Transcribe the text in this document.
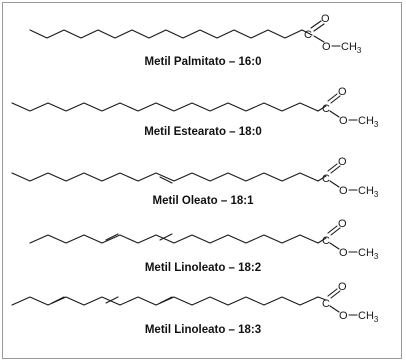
O
C
O $CH_3$
O
C
O $CH_3$
O
C
O $CH_3$
O
C
O $CH_3$
O
C
O $CH_3$
Metil Palmitato – 16:0
Metil Estearato – 18:0
Metil Oleato – 18:1
Metil Linoleato – 18:2
Metil Linoleato – 18:3
